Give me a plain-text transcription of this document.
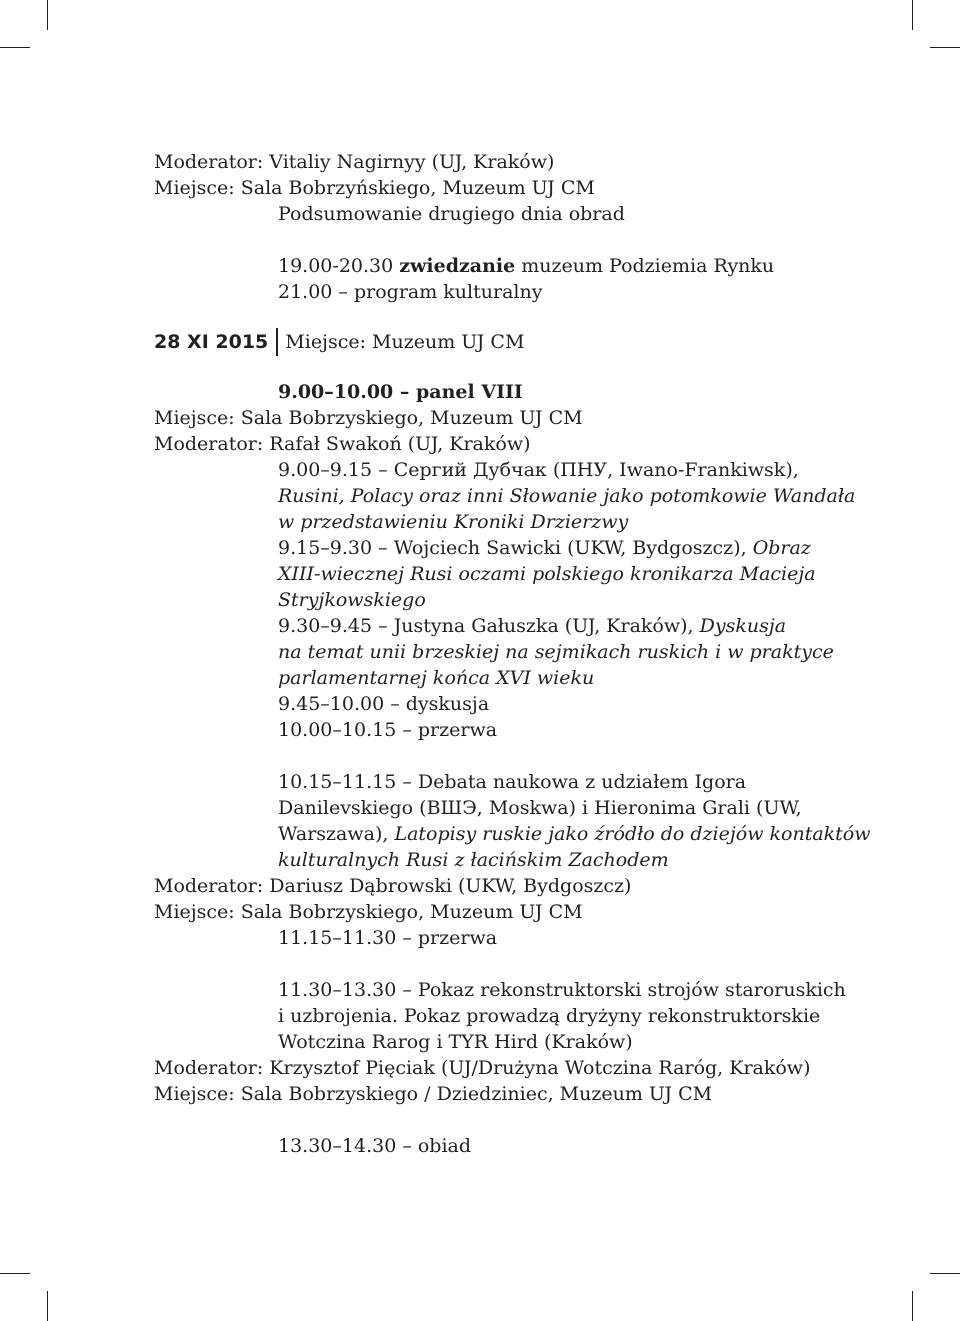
Moderator: Vitaliy Nagirnyy (UJ, Kraków)
Miejsce: Sala Bobrzyńskiego, Muzeum UJ CM
Podsumowanie drugiego dnia obrad
19.00-20.30 zwiedzanie muzeum Podziemia Rynku
21.00 – program kulturalny
28 XI 2015 Miejsce: Muzeum UJ CM
9.00–10.00 – panel VIII
Miejsce: Sala Bobrzyskiego, Muzeum UJ CM
Moderator: Rafał Swakoń (UJ, Kraków)
9.00–9.15 – Сергий Дубчак (ПНУ, Iwano-Frankiwsk),
Rusini, Polacy oraz inni Słowanie jako potomkowie Wandała
w przedstawieniu Kroniki Drzierzwy
9.15–9.30 – Wojciech Sawicki (UKW, Bydgoszcz), Obraz
XIII-wiecznej Rusi oczami polskiego kronikarza Macieja
Stryjkowskiego
9.30–9.45 – Justyna Gałuszka (UJ, Kraków), Dyskusja
na temat unii brzeskiej na sejmikach ruskich i w praktyce
parlamentarnej końca XVI wieku
9.45–10.00 – dyskusja
10.00–10.15 – przerwa
10.15–11.15 – Debata naukowa z udziałem Igora
Danilevskiego (ВШЭ, Moskwa) i Hieronima Grali (UW,
Warszawa), Latopisy ruskie jako źródło do dziejów kontaktów
kulturalnych Rusi z łacińskim Zachodem
Moderator: Dariusz Dąbrowski (UKW, Bydgoszcz)
Miejsce: Sala Bobrzyskiego, Muzeum UJ CM
11.15–11.30 – przerwa
11.30–13.30 – Pokaz rekonstruktorski strojów staroruskich
i uzbrojenia. Pokaz prowadzą dryżyny rekonstruktorskie
Wotczina Rarog i TYR Hird (Kraków)
Moderator: Krzysztof Pięciak (UJ/Drużyna Wotczina Rarόg, Kraków)
Miejsce: Sala Bobrzyskiego / Dziedziniec, Muzeum UJ CM
13.30–14.30 – obiad
